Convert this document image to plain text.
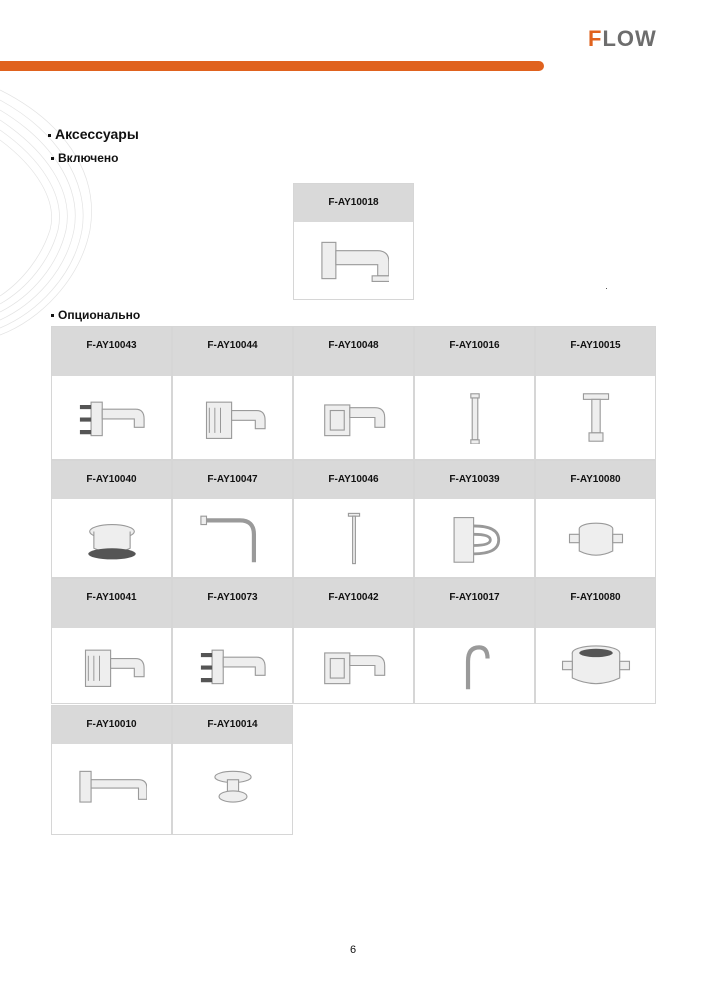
FLOW
Аксессуары
Включено
Опционально
F-AY10018
F-AY10043	F-AY10044	F-AY10048	F-AY10016	F-AY10015
F-AY10040	F-AY10047	F-AY10046	F-AY10039	F-AY10080
F-AY10041	F-AY10073	F-AY10042	F-AY10017	F-AY10080
F-AY10010	F-AY10014
6
